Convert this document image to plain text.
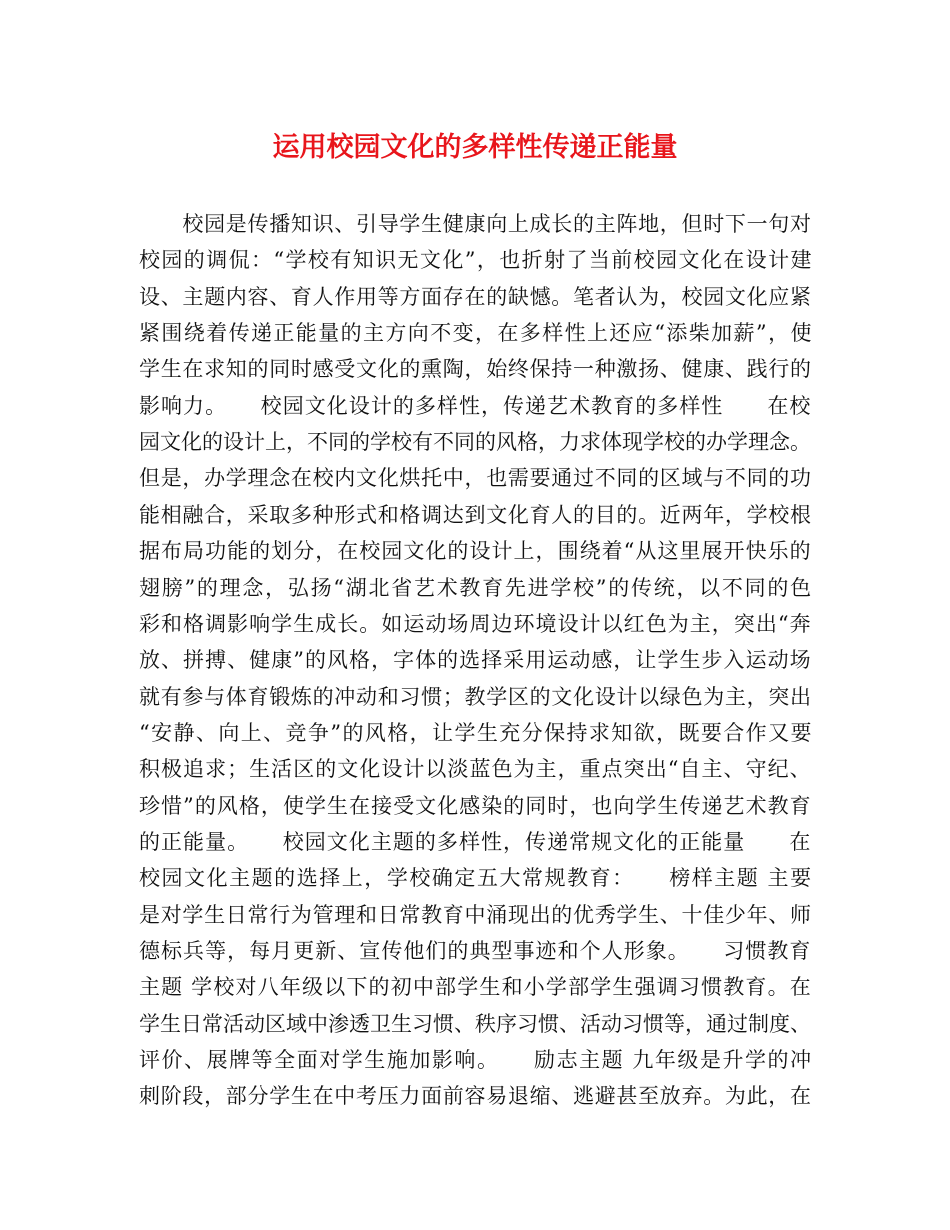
运用校园文化的多样性传递正能量
　　校园是传播知识、引导学生健康向上成长的主阵地，但时下一句对
校园的调侃：“学校有知识无文化”，也折射了当前校园文化在设计建
设、主题内容、育人作用等方面存在的缺憾。笔者认为，校园文化应紧
紧围绕着传递正能量的主方向不变，在多样性上还应“添柴加薪”，使
学生在求知的同时感受文化的熏陶，始终保持一种激扬、健康、践行的
影响力。　　校园文化设计的多样性，传递艺术教育的多样性　　在校
园文化的设计上，不同的学校有不同的风格，力求体现学校的办学理念。
但是，办学理念在校内文化烘托中，也需要通过不同的区域与不同的功
能相融合，采取多种形式和格调达到文化育人的目的。近两年，学校根
据布局功能的划分，在校园文化的设计上，围绕着“从这里展开快乐的
翅膀”的理念，弘扬“湖北省艺术教育先进学校”的传统，以不同的色
彩和格调影响学生成长。如运动场周边环境设计以红色为主，突出“奔
放、拼搏、健康”的风格，字体的选择采用运动感，让学生步入运动场
就有参与体育锻炼的冲动和习惯；教学区的文化设计以绿色为主，突出
“安静、向上、竞争”的风格，让学生充分保持求知欲，既要合作又要
积极追求；生活区的文化设计以淡蓝色为主，重点突出“自主、守纪、
珍惜”的风格，使学生在接受文化感染的同时，也向学生传递艺术教育
的正能量。　　校园文化主题的多样性，传递常规文化的正能量　　在
校园文化主题的选择上，学校确定五大常规教育：　　榜样主题 主要
是对学生日常行为管理和日常教育中涌现出的优秀学生、十佳少年、师
德标兵等，每月更新、宣传他们的典型事迹和个人形象。　　习惯教育
主题 学校对八年级以下的初中部学生和小学部学生强调习惯教育。在
学生日常活动区域中渗透卫生习惯、秩序习惯、活动习惯等，通过制度、
评价、展牌等全面对学生施加影响。　　励志主题 九年级是升学的冲
刺阶段，部分学生在中考压力面前容易退缩、逃避甚至放弃。为此，在
